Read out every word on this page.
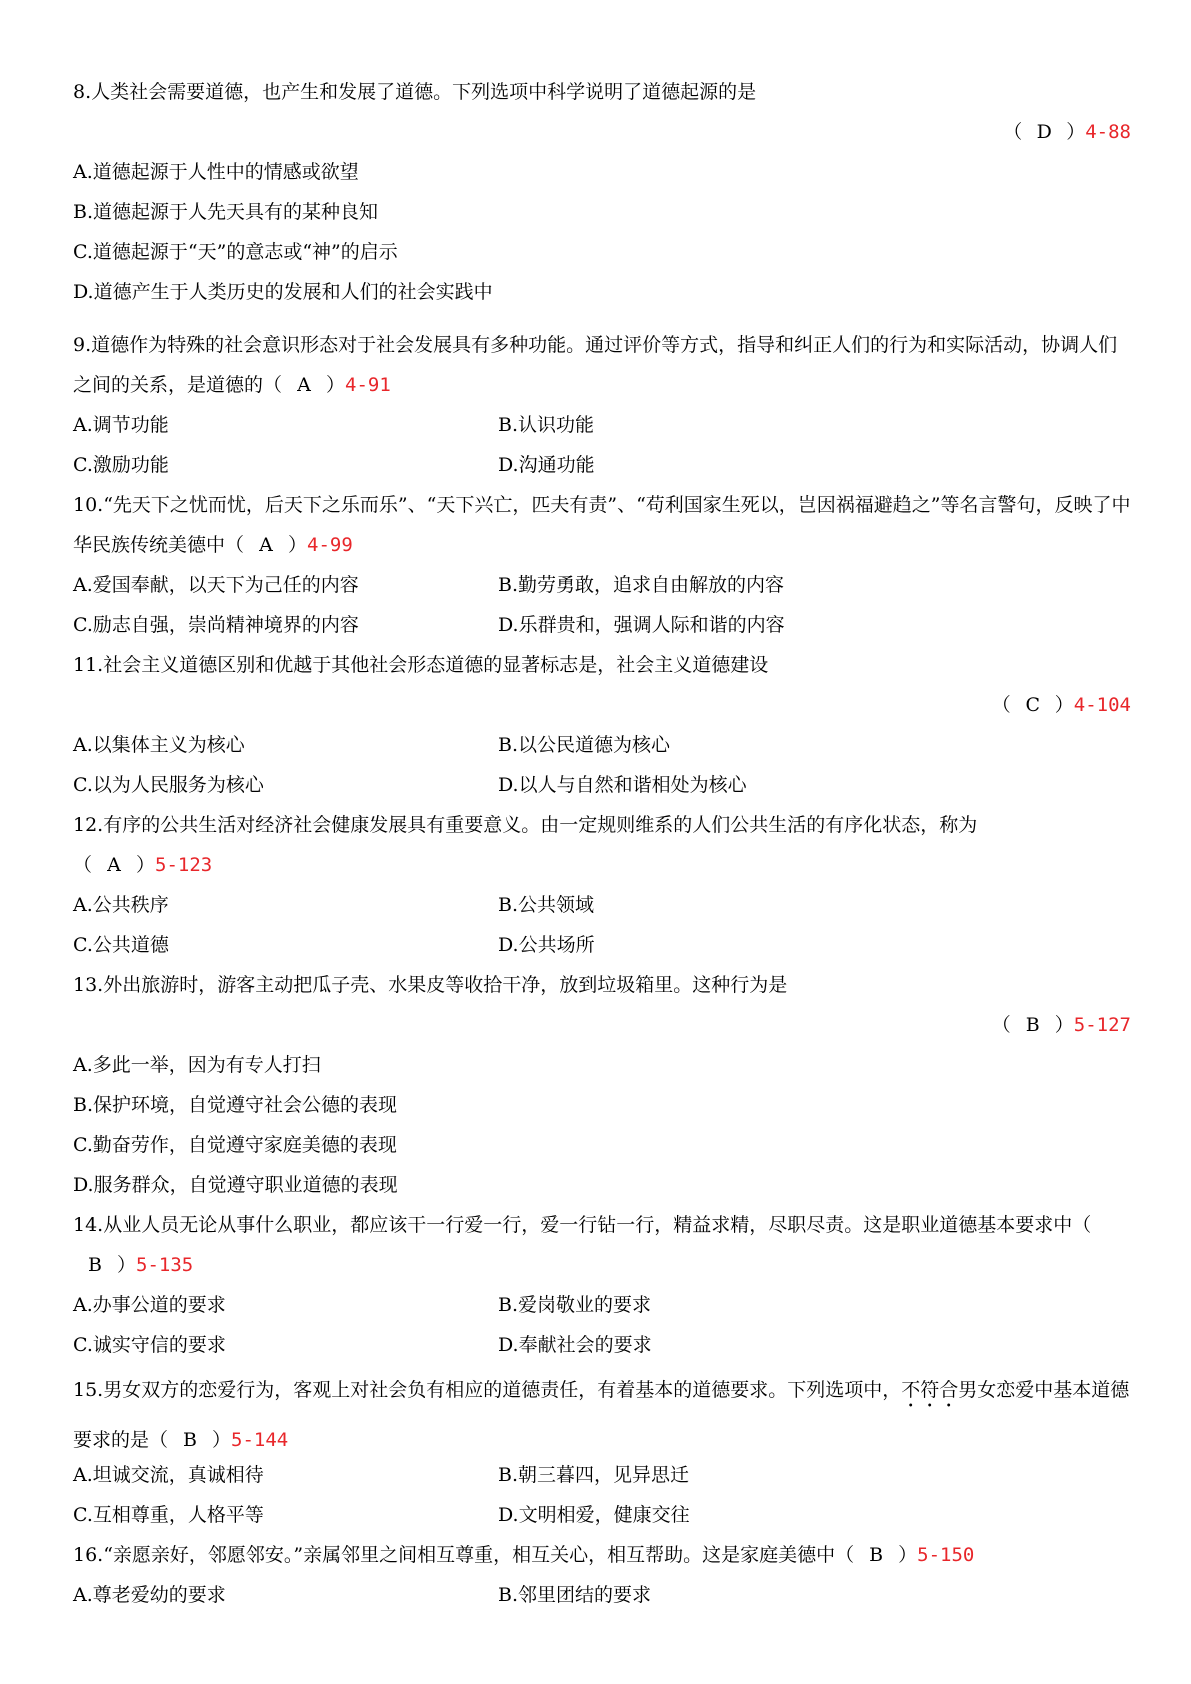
8.人类社会需要道德，也产生和发展了道德。下列选项中科学说明了道德起源的是
（ D ）4-88
A.道德起源于人性中的情感或欲望
B.道德起源于人先天具有的某种良知
C.道德起源于“天”的意志或“神”的启示
D.道德产生于人类历史的发展和人们的社会实践中
9.道德作为特殊的社会意识形态对于社会发展具有多种功能。通过评价等方式，指导和纠正人们的行为和实际活动，协调人们之间的关系，是道德的（ A ）4-91
A.调节功能	B.认识功能
C.激励功能	D.沟通功能
10.“先天下之忧而忧，后天下之乐而乐”、“天下兴亡，匹夫有责”、“苟利国家生死以，岂因祸福避趋之”等名言警句，反映了中华民族传统美德中（ A ）4-99
A.爱国奉献，以天下为己任的内容	B.勤劳勇敢，追求自由解放的内容
C.励志自强，崇尚精神境界的内容	D.乐群贵和，强调人际和谐的内容
11.社会主义道德区别和优越于其他社会形态道德的显著标志是，社会主义道德建设
（ C ）4-104
A.以集体主义为核心	B.以公民道德为核心
C.以为人民服务为核心	D.以人与自然和谐相处为核心
12.有序的公共生活对经济社会健康发展具有重要意义。由一定规则维系的人们公共生活的有序化状态，称为
（ A ）5-123
A.公共秩序	B.公共领域
C.公共道德	D.公共场所
13.外出旅游时，游客主动把瓜子壳、水果皮等收拾干净，放到垃圾箱里。这种行为是
（ B ）5-127
A.多此一举，因为有专人打扫
B.保护环境，自觉遵守社会公德的表现
C.勤奋劳作，自觉遵守家庭美德的表现
D.服务群众，自觉遵守职业道德的表现
14.从业人员无论从事什么职业，都应该干一行爱一行，爱一行钻一行，精益求精，尽职尽责。这是职业道德基本要求中（B ）5-135
A.办事公道的要求	B.爱岗敬业的要求
C.诚实守信的要求	D.奉献社会的要求
15.男女双方的恋爱行为，客观上对社会负有相应的道德责任，有着基本的道德要求。下列选项中，不符合男女恋爱中基本道德要求的是（ B ）5-144
A.坦诚交流，真诚相待	B.朝三暮四，见异思迁
C.互相尊重，人格平等	D.文明相爱，健康交往
16.“亲愿亲好，邻愿邻安。”亲属邻里之间相互尊重，相互关心，相互帮助。这是家庭美德中（ B ）5-150
A.尊老爱幼的要求	B.邻里团结的要求
